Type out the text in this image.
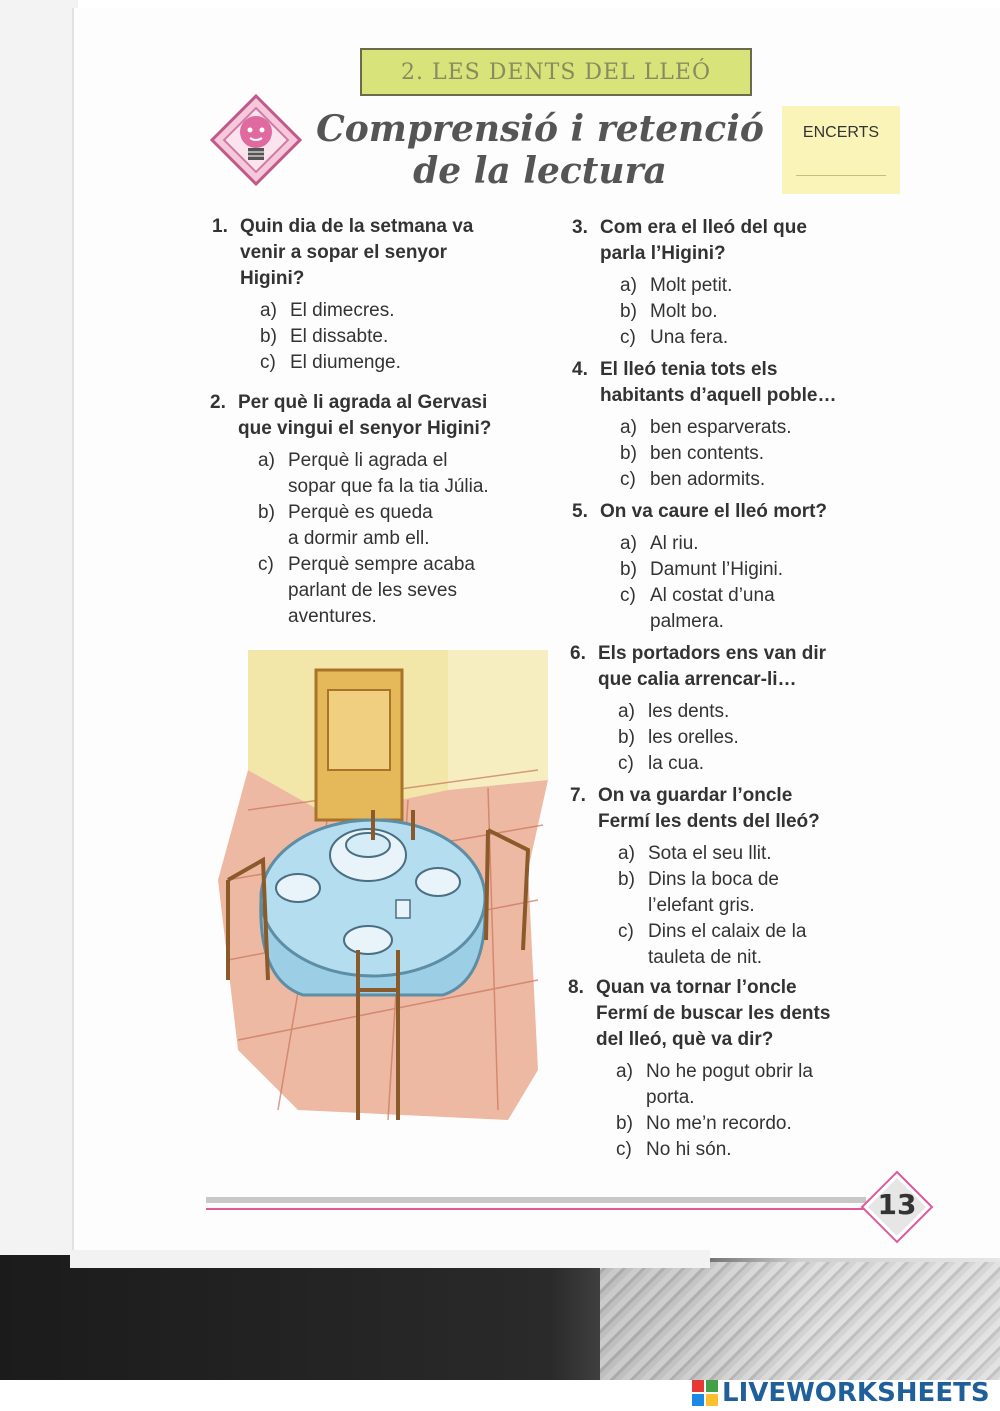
2. LES DENTS DEL LLEÓ
Comprensió i retenció
de la lectura
ENCERTS
1. Quin dia de la setmana va
venir a sopar el senyor
Higini?
a) El dimecres.
b) El dissabte.
c) El diumenge.
2. Per què li agrada al Gervasi
que vingui el senyor Higini?
a) Perquè li agrada el
sopar que fa la tia Júlia.
b) Perquè es queda
a dormir amb ell.
c) Perquè sempre acaba
parlant de les seves
aventures.
3. Com era el lleó del que
parla l’Higini?
a) Molt petit.
b) Molt bo.
c) Una fera.
4. El lleó tenia tots els
habitants d’aquell poble…
a) ben esparverats.
b) ben contents.
c) ben adormits.
5. On va caure el lleó mort?
a) Al riu.
b) Damunt l’Higini.
c) Al costat d’una
palmera.
6. Els portadors ens van dir
que calia arrencar-li…
a) les dents.
b) les orelles.
c) la cua.
7. On va guardar l’oncle
Fermí les dents del lleó?
a) Sota el seu llit.
b) Dins la boca de
l’elefant gris.
c) Dins el calaix de la
tauleta de nit.
8. Quan va tornar l’oncle
Fermí de buscar les dents
del lleó, què va dir?
a) No he pogut obrir la
porta.
b) No me’n recordo.
c) No hi són.
13
LIVEWORKSHEETS
